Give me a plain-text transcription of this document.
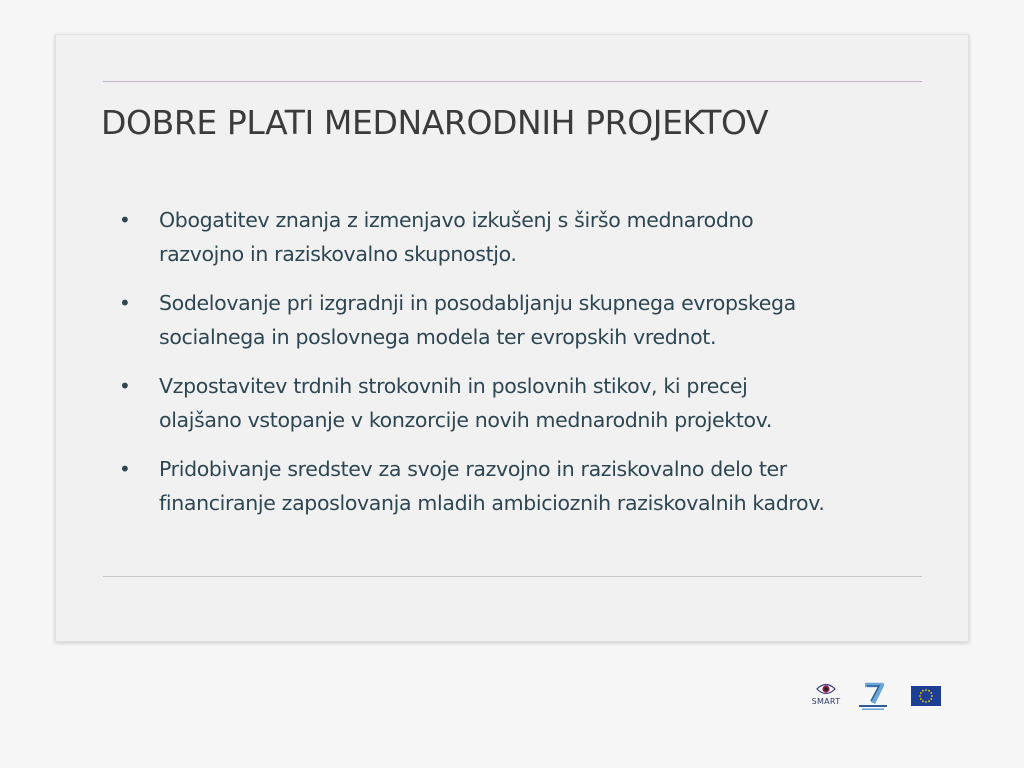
DOBRE PLATI MEDNARODNIH PROJEKTOV
•	Obogatitev znanja z izmenjavo izkušenj s širšo mednarodno
razvojno in raziskovalno skupnostjo.
•	Sodelovanje pri izgradnji in posodabljanju skupnega evropskega
socialnega in poslovnega modela ter evropskih vrednot.
•	Vzpostavitev trdnih strokovnih in poslovnih stikov, ki precej
olajšano vstopanje v konzorcije novih mednarodnih projektov.
•	Pridobivanje sredstev za svoje razvojno in raziskovalno delo ter
financiranje zaposlovanja mladih ambicioznih raziskovalnih kadrov.
SMART
